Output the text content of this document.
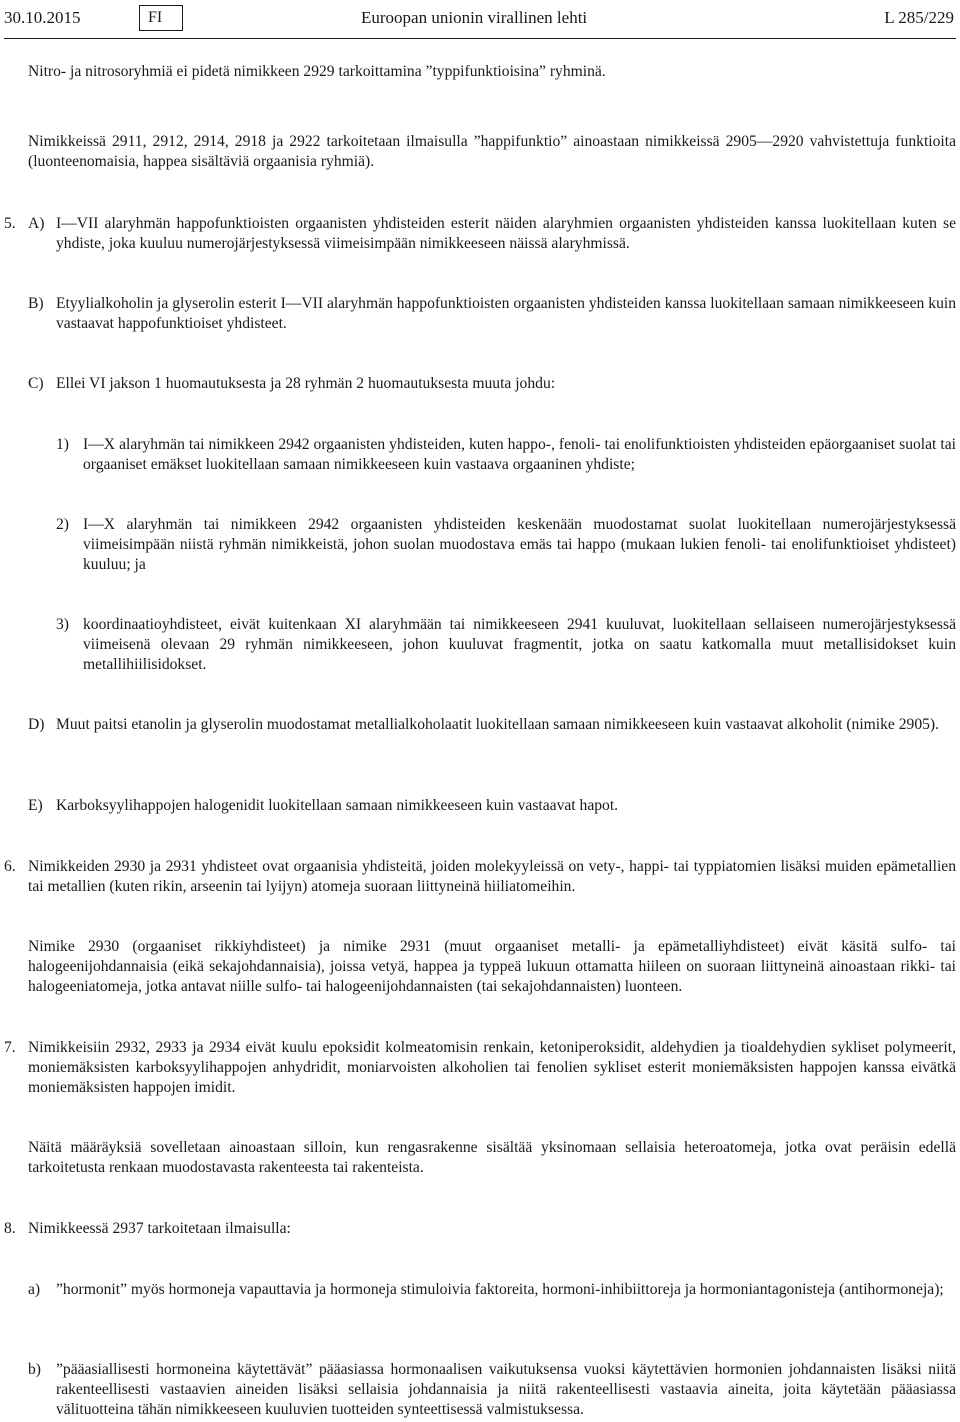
30.10.2015	FI	Euroopan unionin virallinen lehti	L 285/229

Nitro- ja nitrosoryhmiä ei pidetä nimikkeen 2929 tarkoittamina ”typpifunktioisina” ryhminä.

Nimikkeissä 2911, 2912, 2914, 2918 ja 2922 tarkoitetaan ilmaisulla ”happifunktio” ainoastaan nimikkeissä 2905—2920 vahvistettuja funktioita (luonteenomaisia, happea sisältäviä orgaanisia ryhmiä).

5. A) I—VII alaryhmän happofunktioisten orgaanisten yhdisteiden esterit näiden alaryhmien orgaanisten yhdisteiden kanssa luokitellaan kuten se yhdiste, joka kuuluu numerojärjestyksessä viimeisimpään nimikkeeseen näissä alaryhmissä.

B) Etyylialkoholin ja glyserolin esterit I—VII alaryhmän happofunktioisten orgaanisten yhdisteiden kanssa luokitellaan samaan nimikkeeseen kuin vastaavat happofunktioiset yhdisteet.

C) Ellei VI jakson 1 huomautuksesta ja 28 ryhmän 2 huomautuksesta muuta johdu:

1) I—X alaryhmän tai nimikkeen 2942 orgaanisten yhdisteiden, kuten happo-, fenoli- tai enolifunktioisten yhdisteiden epäorgaaniset suolat tai orgaaniset emäkset luokitellaan samaan nimikkeeseen kuin vastaava orgaaninen yhdiste;

2) I—X alaryhmän tai nimikkeen 2942 orgaanisten yhdisteiden keskenään muodostamat suolat luokitellaan numerojärjestyksessä viimeisimpään niistä ryhmän nimikkeistä, johon suolan muodostava emäs tai happo (mukaan lukien fenoli- tai enolifunktioiset yhdisteet) kuuluu; ja

3) koordinaatioyhdisteet, eivät kuitenkaan XI alaryhmään tai nimikkeeseen 2941 kuuluvat, luokitellaan sellaiseen numerojärjestyksessä viimeisenä olevaan 29 ryhmän nimikkeeseen, johon kuuluvat fragmentit, jotka on saatu katkomalla muut metallisidokset kuin metallihiilisidokset.

D) Muut paitsi etanolin ja glyserolin muodostamat metallialkoholaatit luokitellaan samaan nimikkeeseen kuin vastaavat alkoholit (nimike 2905).

E) Karboksyylihappojen halogenidit luokitellaan samaan nimikkeeseen kuin vastaavat hapot.

6. Nimikkeiden 2930 ja 2931 yhdisteet ovat orgaanisia yhdisteitä, joiden molekyyleissä on vety-, happi- tai typpiatomien lisäksi muiden epämetallien tai metallien (kuten rikin, arseenin tai lyijyn) atomeja suoraan liittyneinä hiiliatomeihin.

Nimike 2930 (orgaaniset rikkiyhdisteet) ja nimike 2931 (muut orgaaniset metalli- ja epämetalliyhdisteet) eivät käsitä sulfo- tai halogeenijohdannaisia (eikä sekajohdannaisia), joissa vetyä, happea ja typpeä lukuun ottamatta hiileen on suoraan liittyneinä ainoastaan rikki- tai halogeeniatomeja, jotka antavat niille sulfo- tai halogeenijohdannaisten (tai sekajohdannaisten) luonteen.

7. Nimikkeisiin 2932, 2933 ja 2934 eivät kuulu epoksidit kolmeatomisin renkain, ketoniperoksidit, aldehydien ja tioaldehydien sykliset polymeerit, moniemäksisten karboksyylihappojen anhydridit, moniarvoisten alkoholien tai fenolien sykliset esterit moniemäksisten happojen kanssa eivätkä moniemäksisten happojen imidit.

Näitä määräyksiä sovelletaan ainoastaan silloin, kun rengasrakenne sisältää yksinomaan sellaisia heteroatomeja, jotka ovat peräisin edellä tarkoitetusta renkaan muodostavasta rakenteesta tai rakenteista.

8. Nimikkeessä 2937 tarkoitetaan ilmaisulla:

a) ”hormonit” myös hormoneja vapauttavia ja hormoneja stimuloivia faktoreita, hormoni-inhibiittoreja ja hormoniantagonisteja (antihormoneja);

b) ”pääasiallisesti hormoneina käytettävät” pääasiassa hormonaalisen vaikutuksensa vuoksi käytettävien hormonien johdannaisten lisäksi niitä rakenteellisesti vastaavien aineiden lisäksi sellaisia johdannaisia ja niitä rakenteellisesti vastaavia aineita, joita käytetään pääasiassa välituotteina tähän nimikkeeseen kuuluvien tuotteiden synteettisessä valmistuksessa.
